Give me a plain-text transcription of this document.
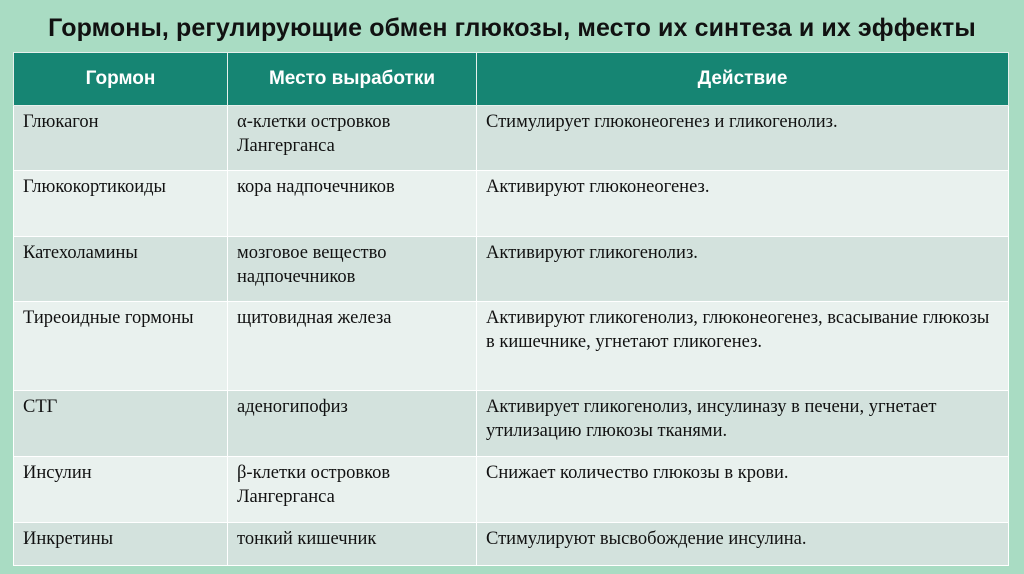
Гормоны, регулирующие обмен глюкозы, место их синтеза и их эффекты
Гормон	Место выработки	Действие
Глюкагон	α-клетки островков Лангерганса	Стимулирует глюконеогенез и гликогенолиз.
Глюкокортикоиды	кора надпочечников	Активируют глюконеогенез.
Катехоламины	мозговое вещество надпочечников	Активируют гликогенолиз.
Тиреоидные гормоны	щитовидная железа	Активируют гликогенолиз, глюконеогенез, всасывание глюкозы в кишечнике, угнетают гликогенез.
СТГ	аденогипофиз	Активирует гликогенолиз, инсулиназу в печени, угнетает утилизацию глюкозы тканями.
Инсулин	β-клетки островков Лангерганса	Снижает количество глюкозы в крови.
Инкретины	тонкий кишечник	Стимулируют высвобождение инсулина.
